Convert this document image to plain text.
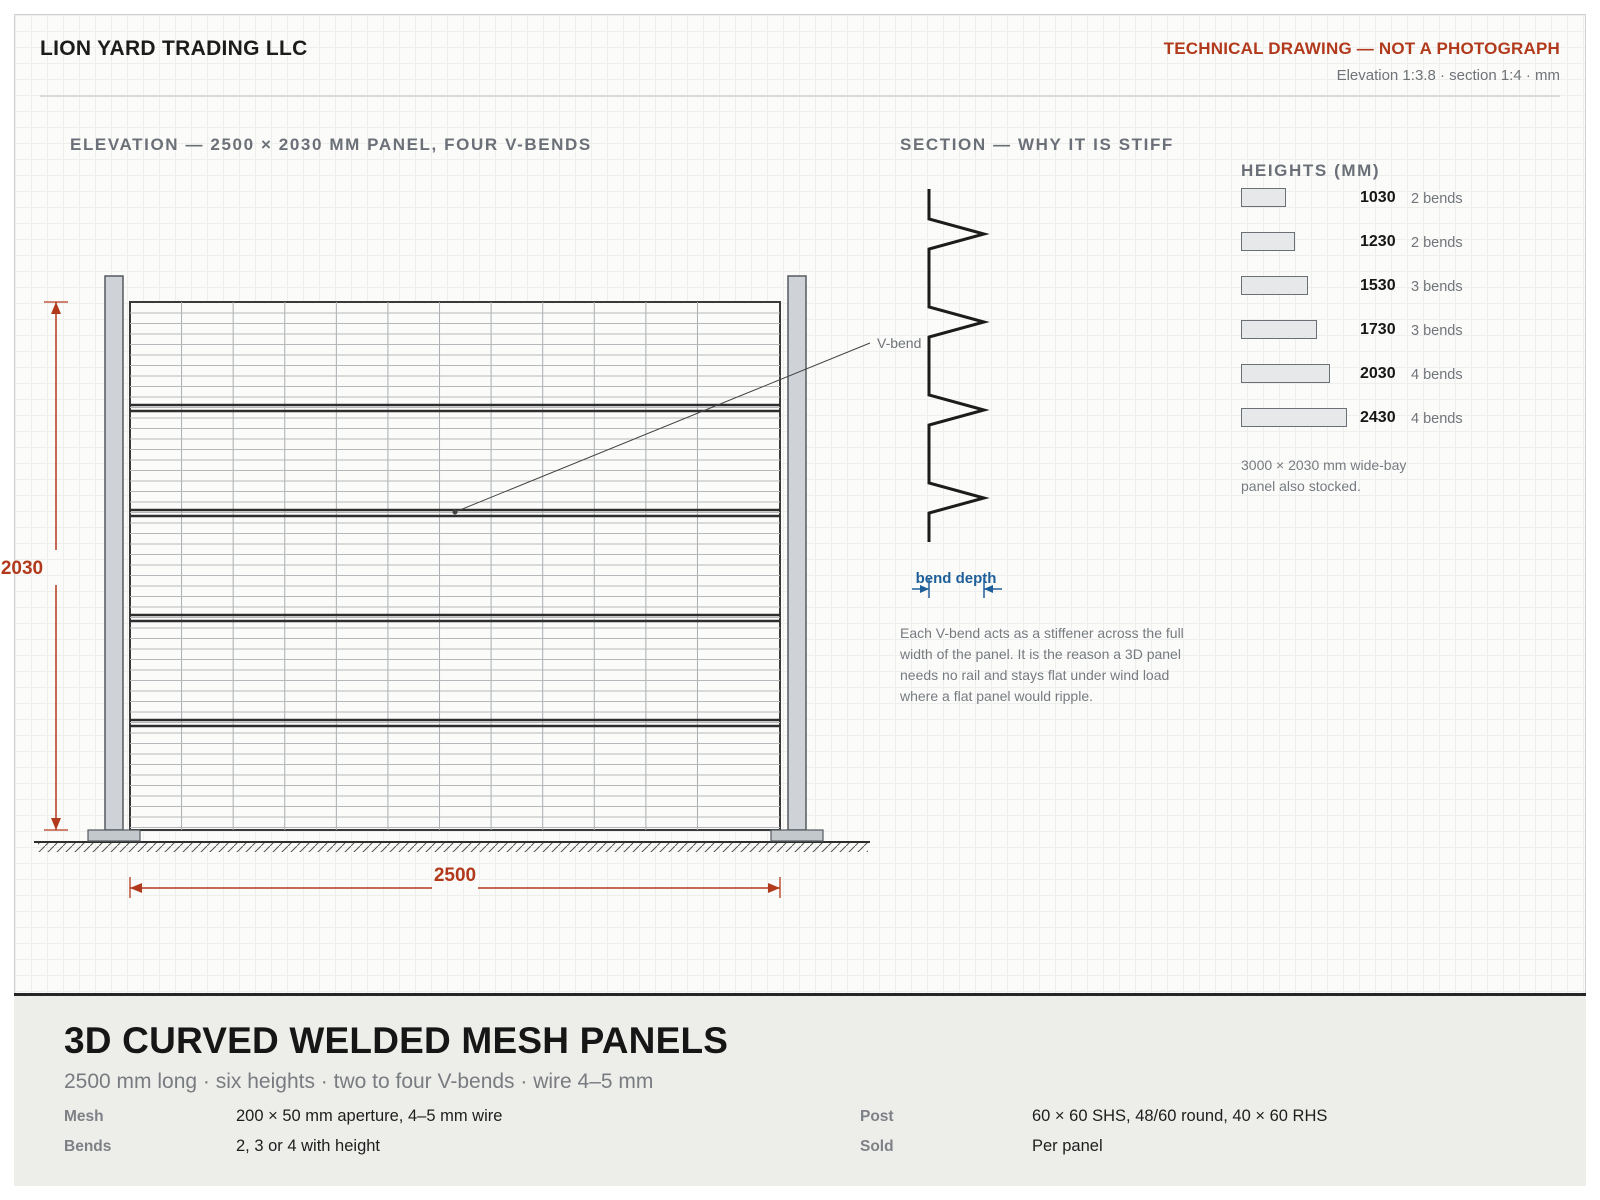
LION YARD TRADING LLC	TECHNICAL DRAWING — NOT A PHOTOGRAPH
Elevation 1:3.8 · section 1:4 · mm
ELEVATION — 2500 × 2030 MM PANEL, FOUR V-BENDS	SECTION — WHY IT IS STIFF
2030
2500
V-bend
bend depth
HEIGHTS (MM)
1030 2 bends
1230 2 bends
1530 3 bends
1730 3 bends
2030 4 bends
2430 4 bends
3000 × 2030 mm wide-bay panel also stocked.
Each V-bend acts as a stiffener across the full width of the panel. It is the reason a 3D panel needs no rail and stays flat under wind load where a flat panel would ripple.
3D CURVED WELDED MESH PANELS
2500 mm long · six heights · two to four V-bends · wire 4–5 mm
Mesh	200 × 50 mm aperture, 4–5 mm wire
Bends	2, 3 or 4 with height
Post	60 × 60 SHS, 48/60 round, 40 × 60 RHS
Sold	Per panel
